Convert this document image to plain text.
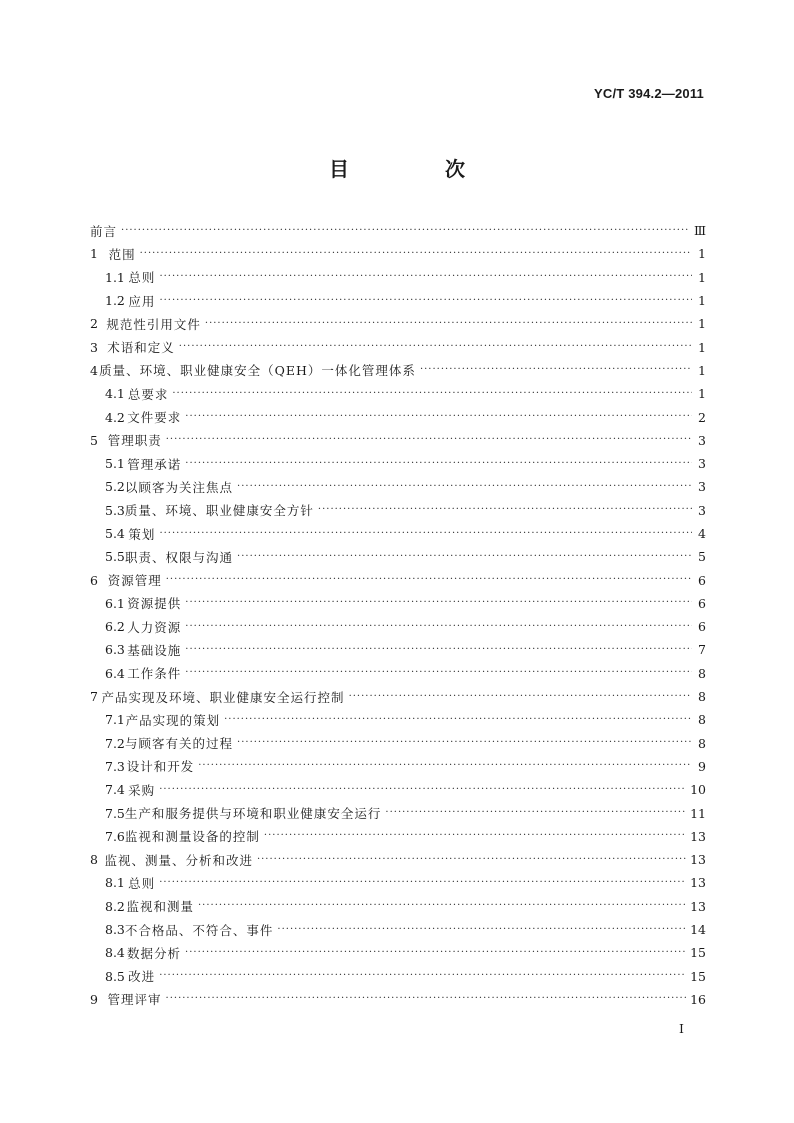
YC/T 394.2—2011
目　次
前言 ·····	Ⅲ
1 范围 ·····	1
1.1 总则 ·····	1
1.2 应用 ·····	1
2 规范性引用文件 ·····	1
3 术语和定义 ·····	1
4 质量、环境、职业健康安全（QEH）一体化管理体系 ·····	1
4.1 总要求 ·····	1
4.2 文件要求 ·····	2
5 管理职责 ·····	3
5.1 管理承诺 ·····	3
5.2 以顾客为关注焦点 ·····	3
5.3 质量、环境、职业健康安全方针 ·····	3
5.4 策划 ·····	4
5.5 职责、权限与沟通 ·····	5
6 资源管理 ·····	6
6.1 资源提供 ·····	6
6.2 人力资源 ·····	6
6.3 基础设施 ·····	7
6.4 工作条件 ·····	8
7 产品实现及环境、职业健康安全运行控制 ·····	8
7.1 产品实现的策划 ·····	8
7.2 与顾客有关的过程 ·····	8
7.3 设计和开发 ·····	9
7.4 采购 ·····	10
7.5 生产和服务提供与环境和职业健康安全运行 ·····	11
7.6 监视和测量设备的控制 ·····	13
8 监视、测量、分析和改进 ·····	13
8.1 总则 ·····	13
8.2 监视和测量 ·····	13
8.3 不合格品、不符合、事件 ·····	14
8.4 数据分析 ·····	15
8.5 改进 ·····	15
9 管理评审 ·····	16
I
